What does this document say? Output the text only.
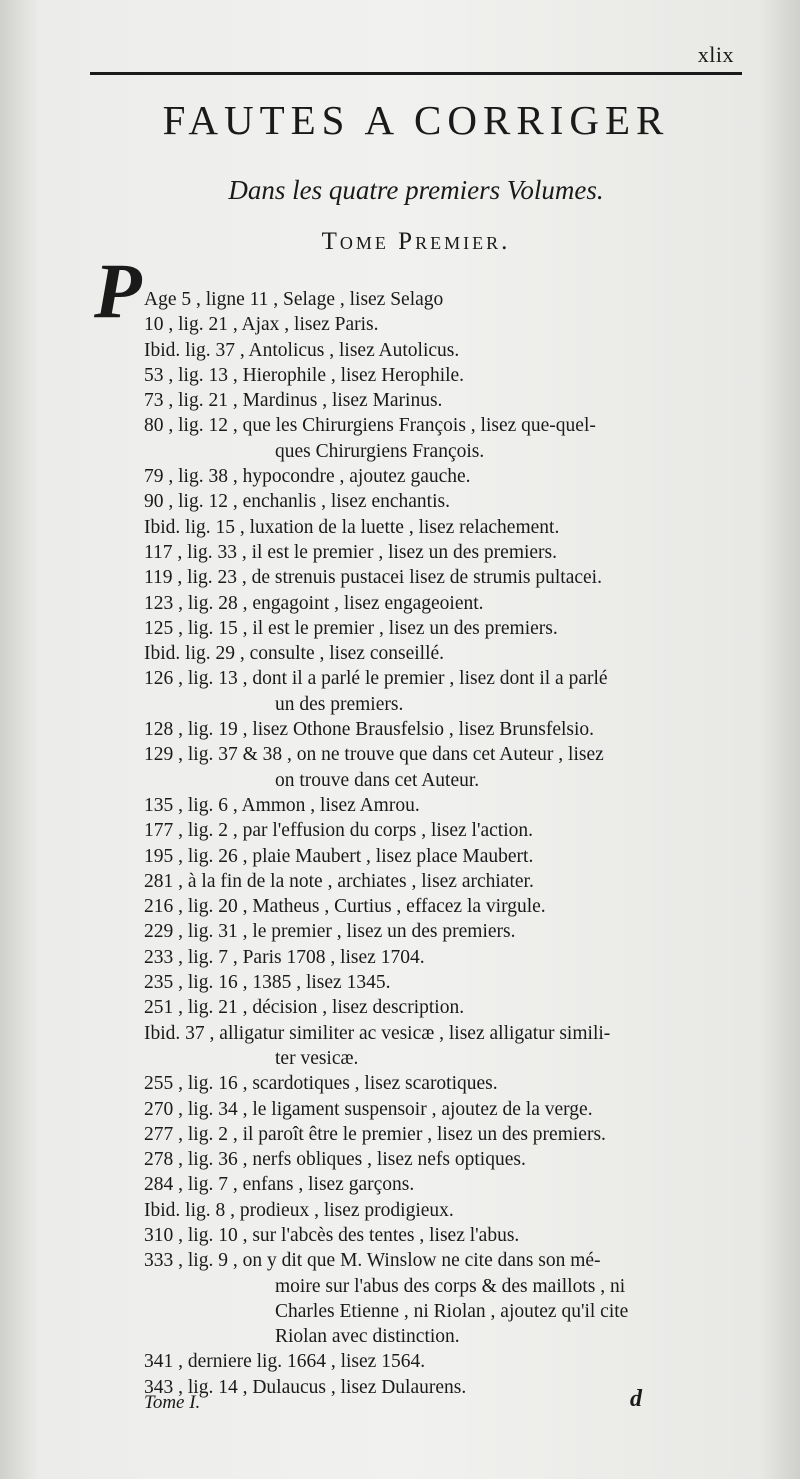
xlix
FAUTES A CORRIGER
Dans les quatre premiers Volumes.
Tome Premier.
P Age 5 , ligne 11 , Selage , lisez Selago
10 , lig. 21 , Ajax , lisez Paris.
Ibid. lig. 37 , Antolicus , lisez Autolicus.
53 , lig. 13 , Hierophile , lisez Herophile.
73 , lig. 21 , Mardinus , lisez Marinus.
80 , lig. 12 , que les Chirurgiens François , lisez que-quel-
ques Chirurgiens François.
79 , lig. 38 , hypocondre , ajoutez gauche.
90 , lig. 12 , enchanlis , lisez enchantis.
Ibid. lig. 15 , luxation de la luette , lisez relachement.
117 , lig. 33 , il est le premier , lisez un des premiers.
119 , lig. 23 , de strenuis pustacei lisez de strumis pultacei.
123 , lig. 28 , engagoint , lisez engageoient.
125 , lig. 15 , il est le premier , lisez un des premiers.
Ibid. lig. 29 , consulte , lisez conseillé.
126 , lig. 13 , dont il a parlé le premier , lisez dont il a parlé
un des premiers.
128 , lig. 19 , lisez Othone Brausfelsio , lisez Brunsfelsio.
129 , lig. 37 & 38 , on ne trouve que dans cet Auteur , lisez
on trouve dans cet Auteur.
135 , lig. 6 , Ammon , lisez Amrou.
177 , lig. 2 , par l'effusion du corps , lisez l'action.
195 , lig. 26 , plaie Maubert , lisez place Maubert.
281 , à la fin de la note , archiates , lisez archiater.
216 , lig. 20 , Matheus , Curtius , effacez la virgule.
229 , lig. 31 , le premier , lisez un des premiers.
233 , lig. 7 , Paris 1708 , lisez 1704.
235 , lig. 16 , 1385 , lisez 1345.
251 , lig. 21 , décision , lisez description.
Ibid. 37 , alligatur similiter ac vesicæ , lisez alligatur simili-
ter vesicæ.
255 , lig. 16 , scardotiques , lisez scarotiques.
270 , lig. 34 , le ligament suspensoir , ajoutez de la verge.
277 , lig. 2 , il paroît être le premier , lisez un des premiers.
278 , lig. 36 , nerfs obliques , lisez nefs optiques.
284 , lig. 7 , enfans , lisez garçons.
Ibid. lig. 8 , prodieux , lisez prodigieux.
310 , lig. 10 , sur l'abcès des tentes , lisez l'abus.
333 , lig. 9 , on y dit que M. Winslow ne cite dans son mé-
moire sur l'abus des corps & des maillots , ni
Charles Etienne , ni Riolan , ajoutez qu'il cite
Riolan avec distinction.
341 , derniere lig. 1664 , lisez 1564.
343 , lig. 14 , Dulaucus , lisez Dulaurens.
Tome I.	d
